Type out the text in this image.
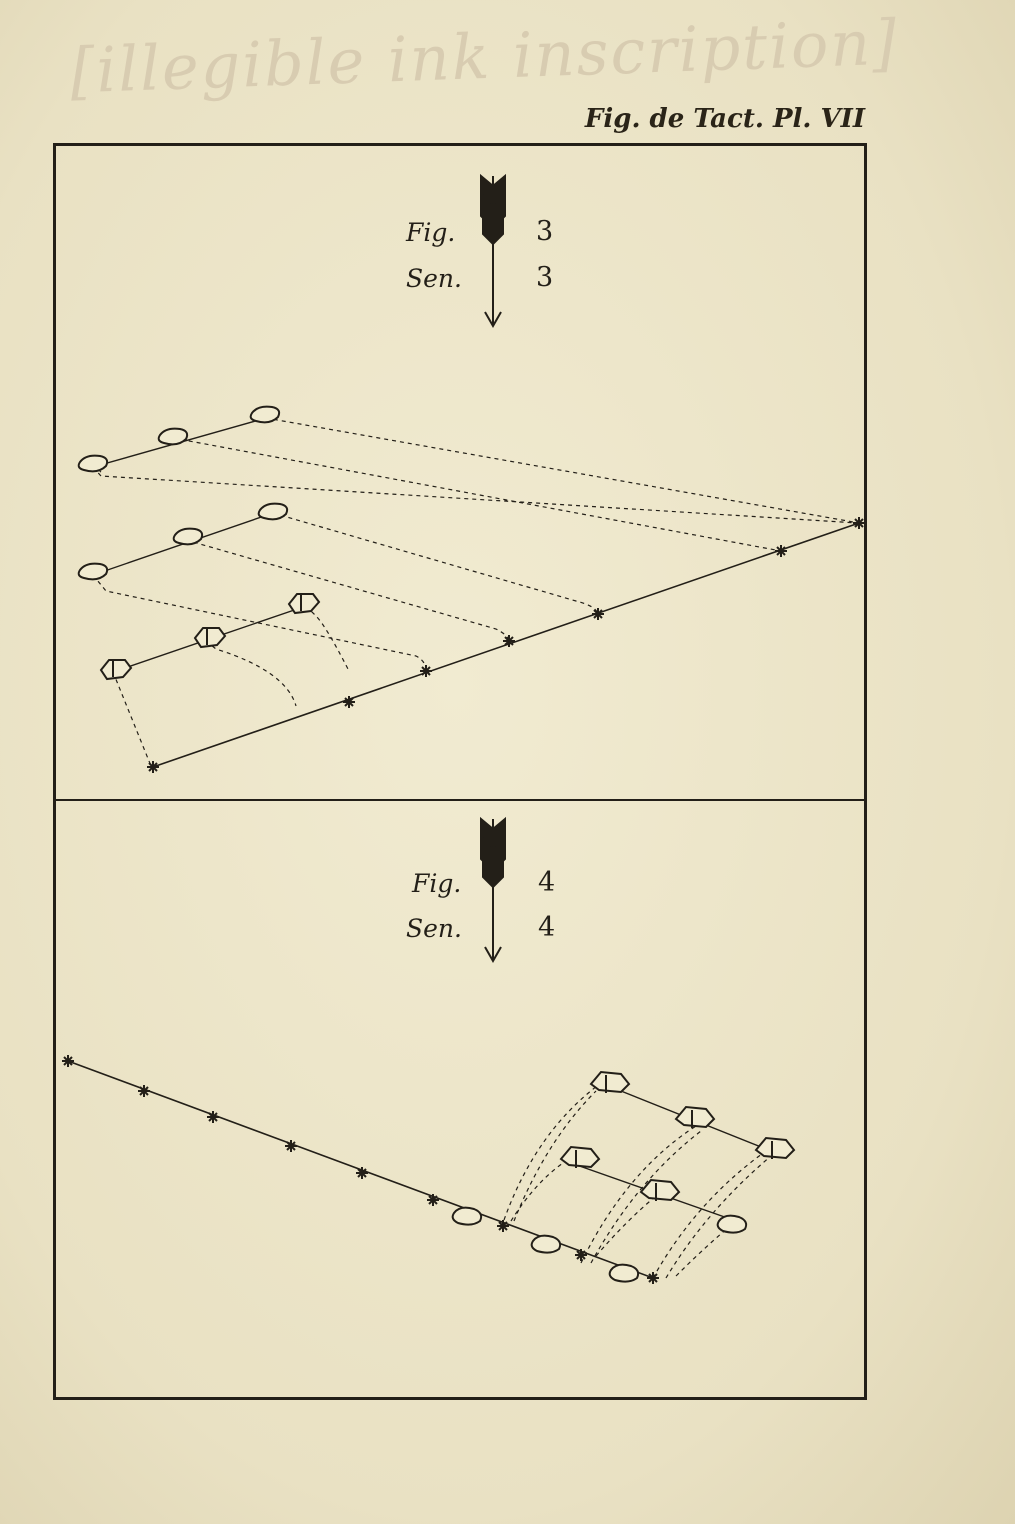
[illegible ink inscription]
Fig. de Tact. Pl. VII
Fig.	3
Sen.	3
Fig.	4
Sen.	4
